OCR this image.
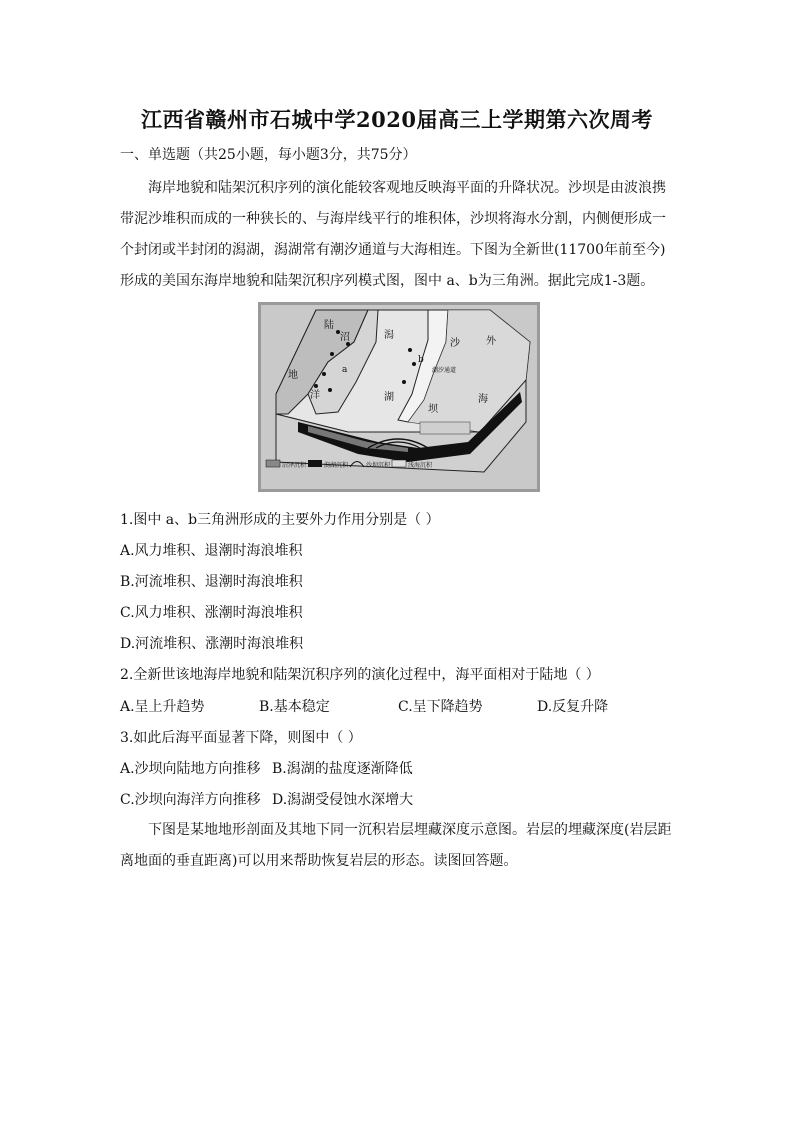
江西省赣州市石城中学2020届高三上学期第六次周考
一、单选题（共25小题，每小题3分，共75分）

海岸地貌和陆架沉积序列的演化能较客观地反映海平面的升降状况。沙坝是由波浪携带泥沙堆积而成的一种狭长的、与海岸线平行的堆积体，沙坝将海水分割，内侧便形成一个封闭或半封闭的潟湖，潟湖常有潮汐通道与大海相连。下图为全新世(11700年前至今)形成的美国东海岸地貌和陆架沉积序列模式图，图中 a、b为三角洲。据此完成1-3题。

陆
沼
地
洋
潟
湖
沙
坝
外
海
a
b
潮汐通道
沼泽沉积	潟湖沉积	沙坝沉积	浅海沉积
1.图中 a、b三角洲形成的主要外力作用分别是（ ）
A.风力堆积、退潮时海浪堆积
B.河流堆积、退潮时海浪堆积
C.风力堆积、涨潮时海浪堆积
D.河流堆积、涨潮时海浪堆积
2.全新世该地海岸地貌和陆架沉积序列的演化过程中，海平面相对于陆地（ ）
A.呈上升趋势	B.基本稳定	C.呈下降趋势	D.反复升降
3.如此后海平面显著下降，则图中（ ）
A.沙坝向陆地方向推移 B.潟湖的盐度逐渐降低
C.沙坝向海洋方向推移 D.潟湖受侵蚀水深增大

下图是某地地形剖面及其地下同一沉积岩层埋藏深度示意图。岩层的埋藏深度(岩层距离地面的垂直距离)可以用来帮助恢复岩层的形态。读图回答题。
